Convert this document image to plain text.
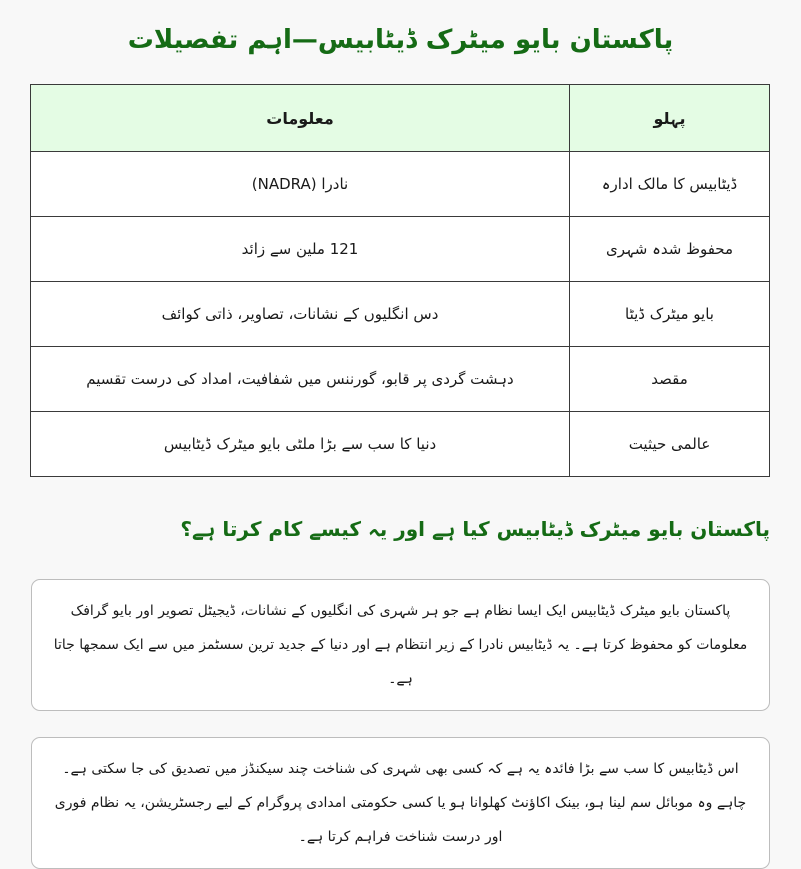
پاکستان بایو میٹرک ڈیٹابیس—اہم تفصیلات
پہلو	معلومات
ڈیٹابیس کا مالک ادارہ	نادرا (NADRA)
محفوظ شدہ شہری	121 ملین سے زائد
بایو میٹرک ڈیٹا	دس انگلیوں کے نشانات، تصاویر، ذاتی کوائف
مقصد	دہشت گردی پر قابو، گورننس میں شفافیت، امداد کی درست تقسیم
عالمی حیثیت	دنیا کا سب سے بڑا ملٹی بایو میٹرک ڈیٹابیس
پاکستان بایو میٹرک ڈیٹابیس کیا ہے اور یہ کیسے کام کرتا ہے؟

پاکستان بایو میٹرک ڈیٹابیس ایک ایسا نظام ہے جو ہر شہری کی انگلیوں کے نشانات، ڈیجیٹل تصویر اور بایو گرافک معلومات کو محفوظ کرتا ہے۔ یہ ڈیٹابیس نادرا کے زیر انتظام ہے اور دنیا کے جدید ترین سسٹمز میں سے ایک سمجھا جاتا ہے۔

اس ڈیٹابیس کا سب سے بڑا فائدہ یہ ہے کہ کسی بھی شہری کی شناخت چند سیکنڈز میں تصدیق کی جا سکتی ہے۔ چاہے وہ موبائل سم لینا ہو، بینک اکاؤنٹ کھلوانا ہو یا کسی حکومتی امدادی پروگرام کے لیے رجسٹریشن، یہ نظام فوری اور درست شناخت فراہم کرتا ہے۔
